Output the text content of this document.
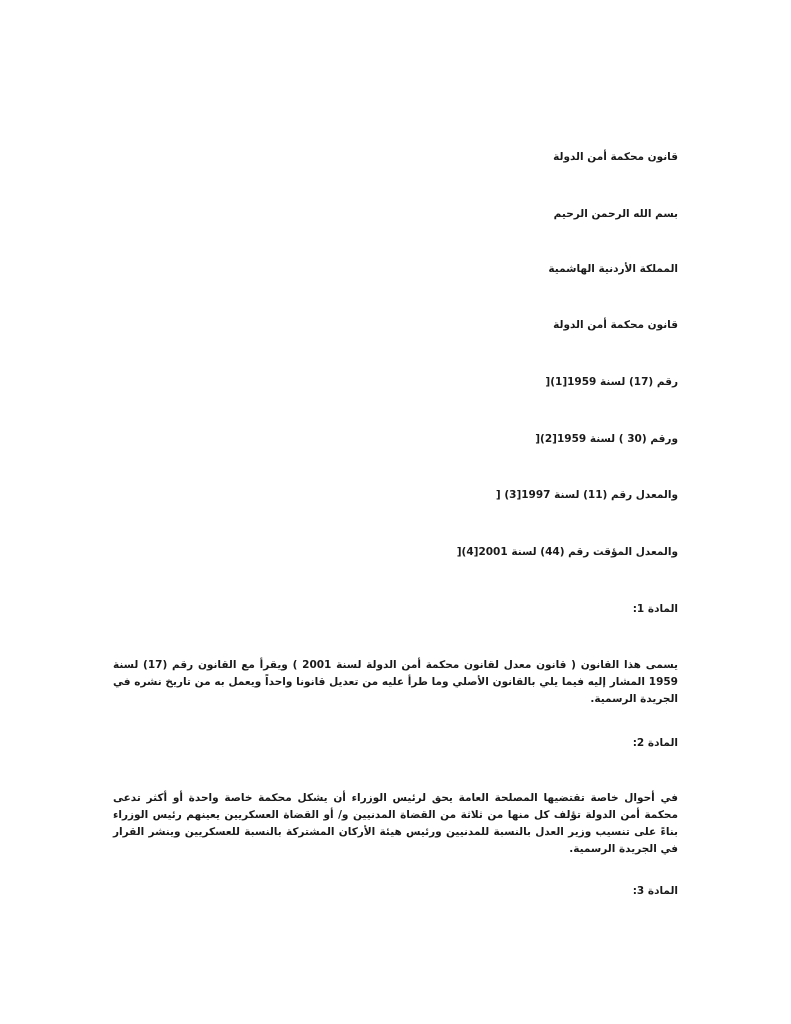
قانون محكمة أمن الدولة

بسم الله الرحمن الرحيم

المملكة الأردنية الهاشمية

قانون محكمة أمن الدولة

رقم (17) لسنة 1959[1)[

ورقم (30 ) لسنة 1959[2)[

والمعدل رقم (11) لسنة 1997[3) [

والمعدل المؤقت رقم (44) لسنة 2001[4)[

المادة 1:

يسمى هذا القانون ( قانون معدل لقانون محكمة أمن الدولة لسنة 2001 ) ويقرأ مع القانون رقم (17) لسنة 1959 المشار إليه فيما يلي بالقانون الأصلي وما طرأ عليه من تعديل قانونا واحداً ويعمل به من تاريخ نشره في الجريدة الرسمية.

المادة 2:

في أحوال خاصة تقتضيها المصلحة العامة يحق لرئيس الوزراء أن يشكل محكمة خاصة واحدة أو أكثر تدعى محكمة أمن الدولة تؤلف كل منها من ثلاثة من القضاة المدنيين و/ أو القضاة العسكريين يعينهم رئيس الوزراء بناءً على تنسيب وزير العدل بالنسبة للمدنيين ورئيس هيئة الأركان المشتركة بالنسبة للعسكريين وينشر القرار في الجريدة الرسمية.

المادة 3:
